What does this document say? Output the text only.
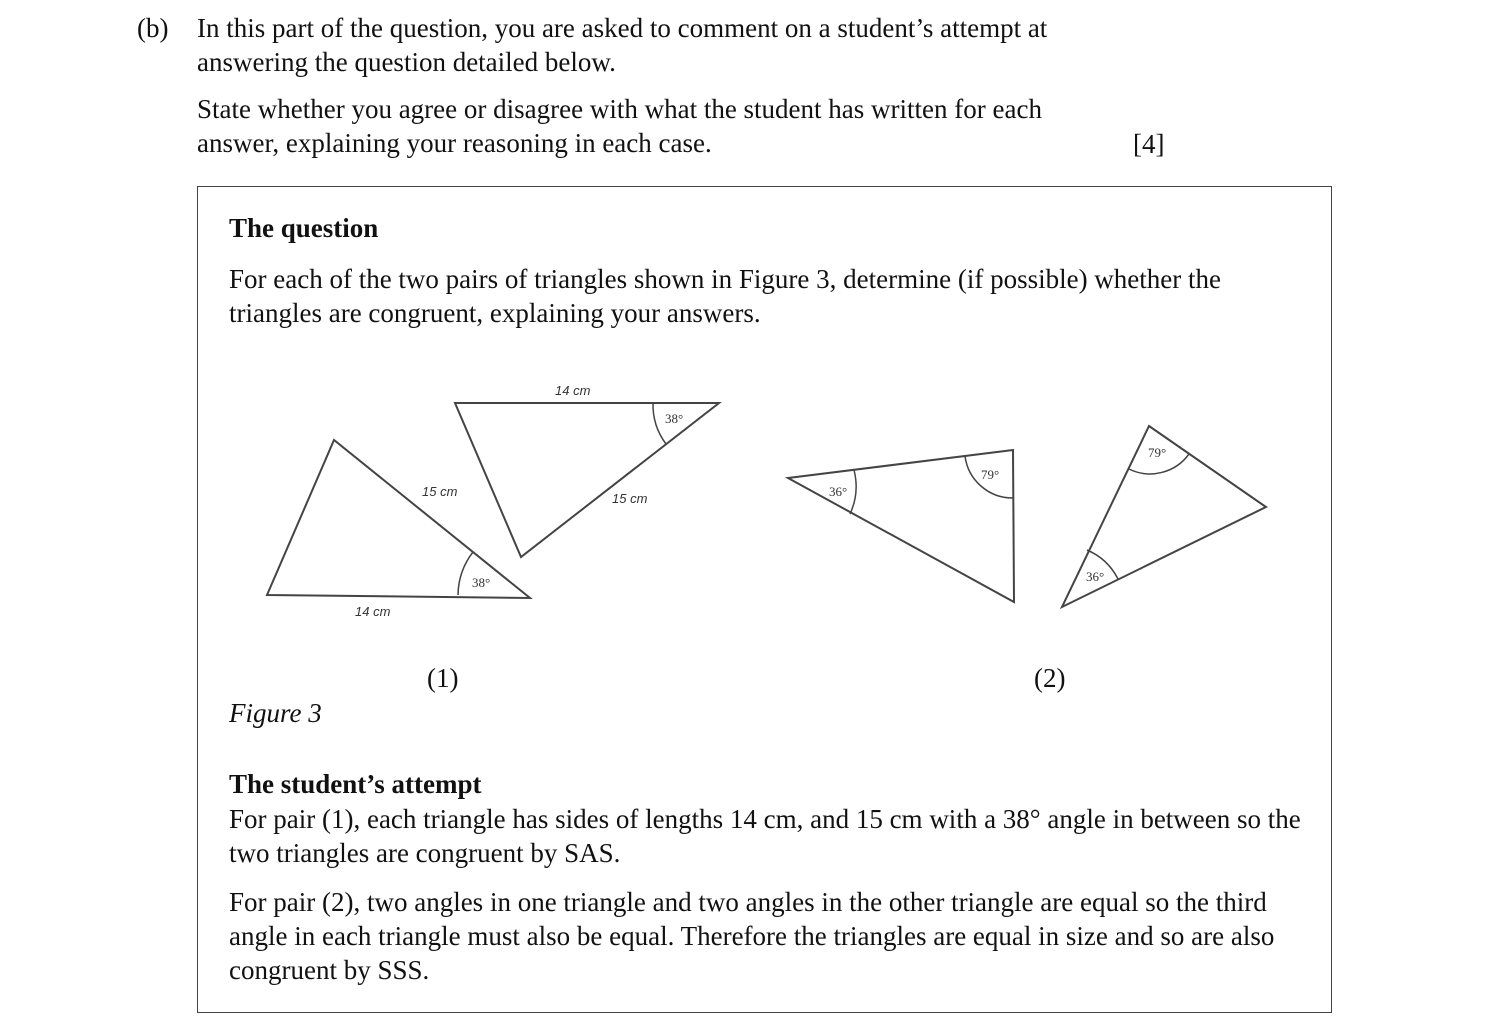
(b) In this part of the question, you are asked to comment on a student’s attempt at answering the question detailed below.

State whether you agree or disagree with what the student has written for each answer, explaining your reasoning in each case.	[4]

The question

For each of the two pairs of triangles shown in Figure 3, determine (if possible) whether the triangles are congruent, explaining your answers.

14 cm
15 cm
38°
14 cm
15 cm
38°
36°
79°
79°
36°
(1)	(2)
Figure 3

The student’s attempt

For pair (1), each triangle has sides of lengths 14 cm, and 15 cm with a 38° angle in between so the two triangles are congruent by SAS.

For pair (2), two angles in one triangle and two angles in the other triangle are equal so the third angle in each triangle must also be equal. Therefore the triangles are equal in size and so are also congruent by SSS.
